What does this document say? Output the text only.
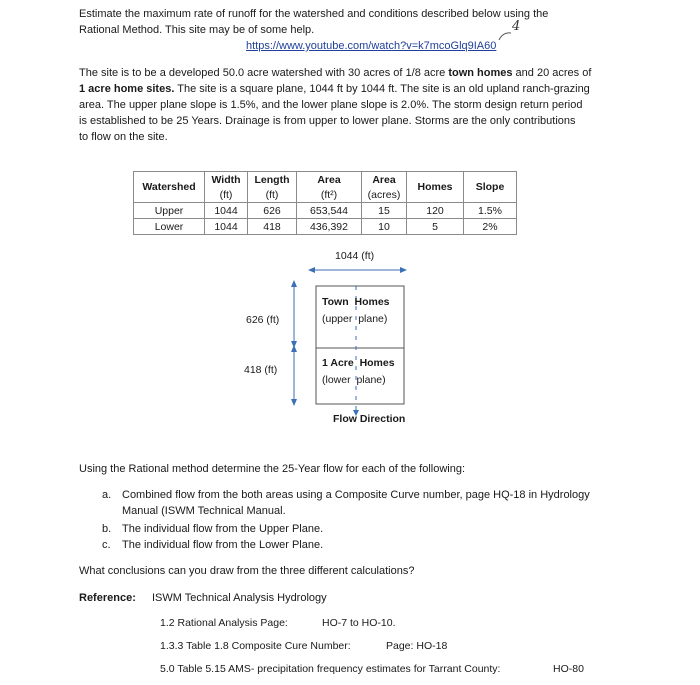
Estimate the maximum rate of runoff for the watershed and conditions described below using the
Rational Method. This site may be of some help.	4
https://www.youtube.com/watch?v=k7mcoGlq9IA60
The site is to be a developed 50.0 acre watershed with 30 acres of 1/8 acre town homes and 20 acres of
1 acre home sites. The site is a square plane, 1044 ft by 1044 ft. The site is an old upland ranch-grazing
area. The upper plane slope is 1.5%, and the lower plane slope is 2.0%. The storm design return period
is established to be 25 Years. Drainage is from upper to lower plane. Storms are the only contributions
to flow on the site.
Watershed	Width	Length	Area	Area	Homes	Slope
	(ft)	(ft)	(ft²)	(acres)		
Upper	1044	626	653,544	15	120	1.5%
Lower	1044	418	436,392	10	5	2%
1044 (ft)
626 (ft)
418 (ft)
Town Homes
(upper plane)
1 Acre Homes
(lower plane)
Flow Direction
Using the Rational method determine the 25-Year flow for each of the following:
a. Combined flow from the both areas using a Composite Curve number, page HQ-18 in Hydrology
Manual (ISWM Technical Manual.
b. The individual flow from the Upper Plane.
c. The individual flow from the Lower Plane.
What conclusions can you draw from the three different calculations?
Reference: ISWM Technical Analysis Hydrology
1.2 Rational Analysis Page:	HO-7 to HO-10.
1.3.3 Table 1.8 Composite Cure Number:	Page: HO-18
5.0 Table 5.15 AMS- precipitation frequency estimates for Tarrant County:	HO-80
